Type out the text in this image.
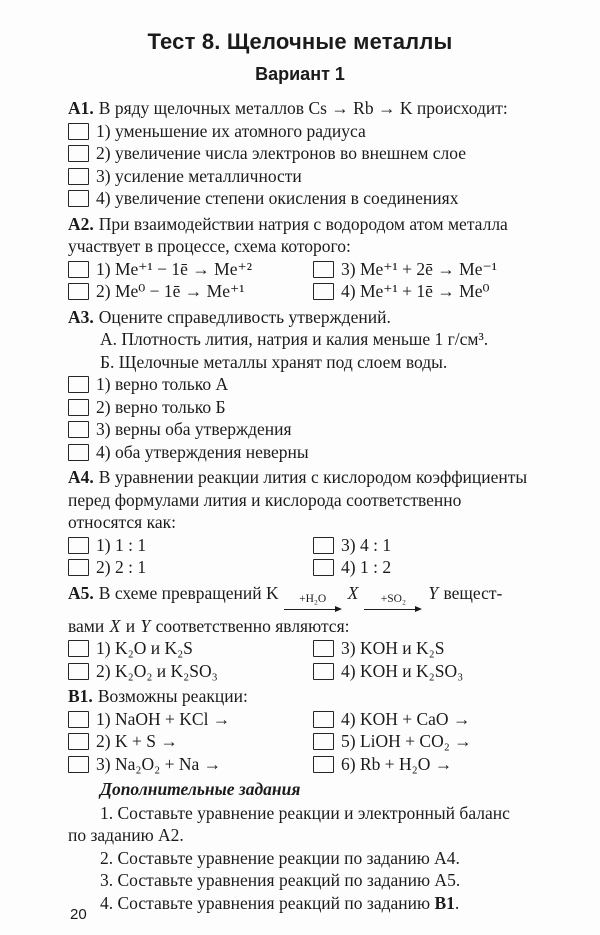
Тест 8. Щелочные металлы
Вариант 1

А1. В ряду щелочных металлов Cs → Rb → K происходит:

1) уменьшение их атомного радиуса
2) увеличение числа электронов во внешнем слое
3) усиление металличности
4) увеличение степени окисления в соединениях

А2. При взаимодействии натрия с водородом атом металла участвует в процессе, схема которого:

1) Me⁺¹ − 1ē → Me⁺²	3) Me⁺¹ + 2ē → Me⁻¹
2) Me⁰ − 1ē → Me⁺¹	4) Me⁺¹ + 1ē → Me⁰

А3. Оцените справедливость утверждений.

А. Плотность лития, натрия и калия меньше 1 г/см³.

Б. Щелочные металлы хранят под слоем воды.

1) верно только А
2) верно только Б
3) верны оба утверждения
4) оба утверждения неверны

А4. В уравнении реакции лития с кислородом коэффициенты перед формулами лития и кислорода соответственно относятся как:

1) 1 : 1	3) 4 : 1
2) 2 : 1	4) 1 : 2

А5. В схеме превращений K +H₂O X +SO₂ Y веществами X и Y соответственно являются:

1) K₂O и K₂S	3) KOH и K₂S
2) K₂O₂ и K₂SO₃	4) KOH и K₂SO₃

В1. Возможны реакции:

1) NaOH + KCl →	4) KOH + CaO →
2) K + S →	5) LiOH + CO₂ →
3) Na₂O₂ + Na →	6) Rb + H₂O →

Дополнительные задания

1. Составьте уравнение реакции и электронный баланс по заданию А2.

2. Составьте уравнение реакции по заданию А4.

3. Составьте уравнения реакций по заданию А5.

4. Составьте уравнения реакций по заданию В1.

20
